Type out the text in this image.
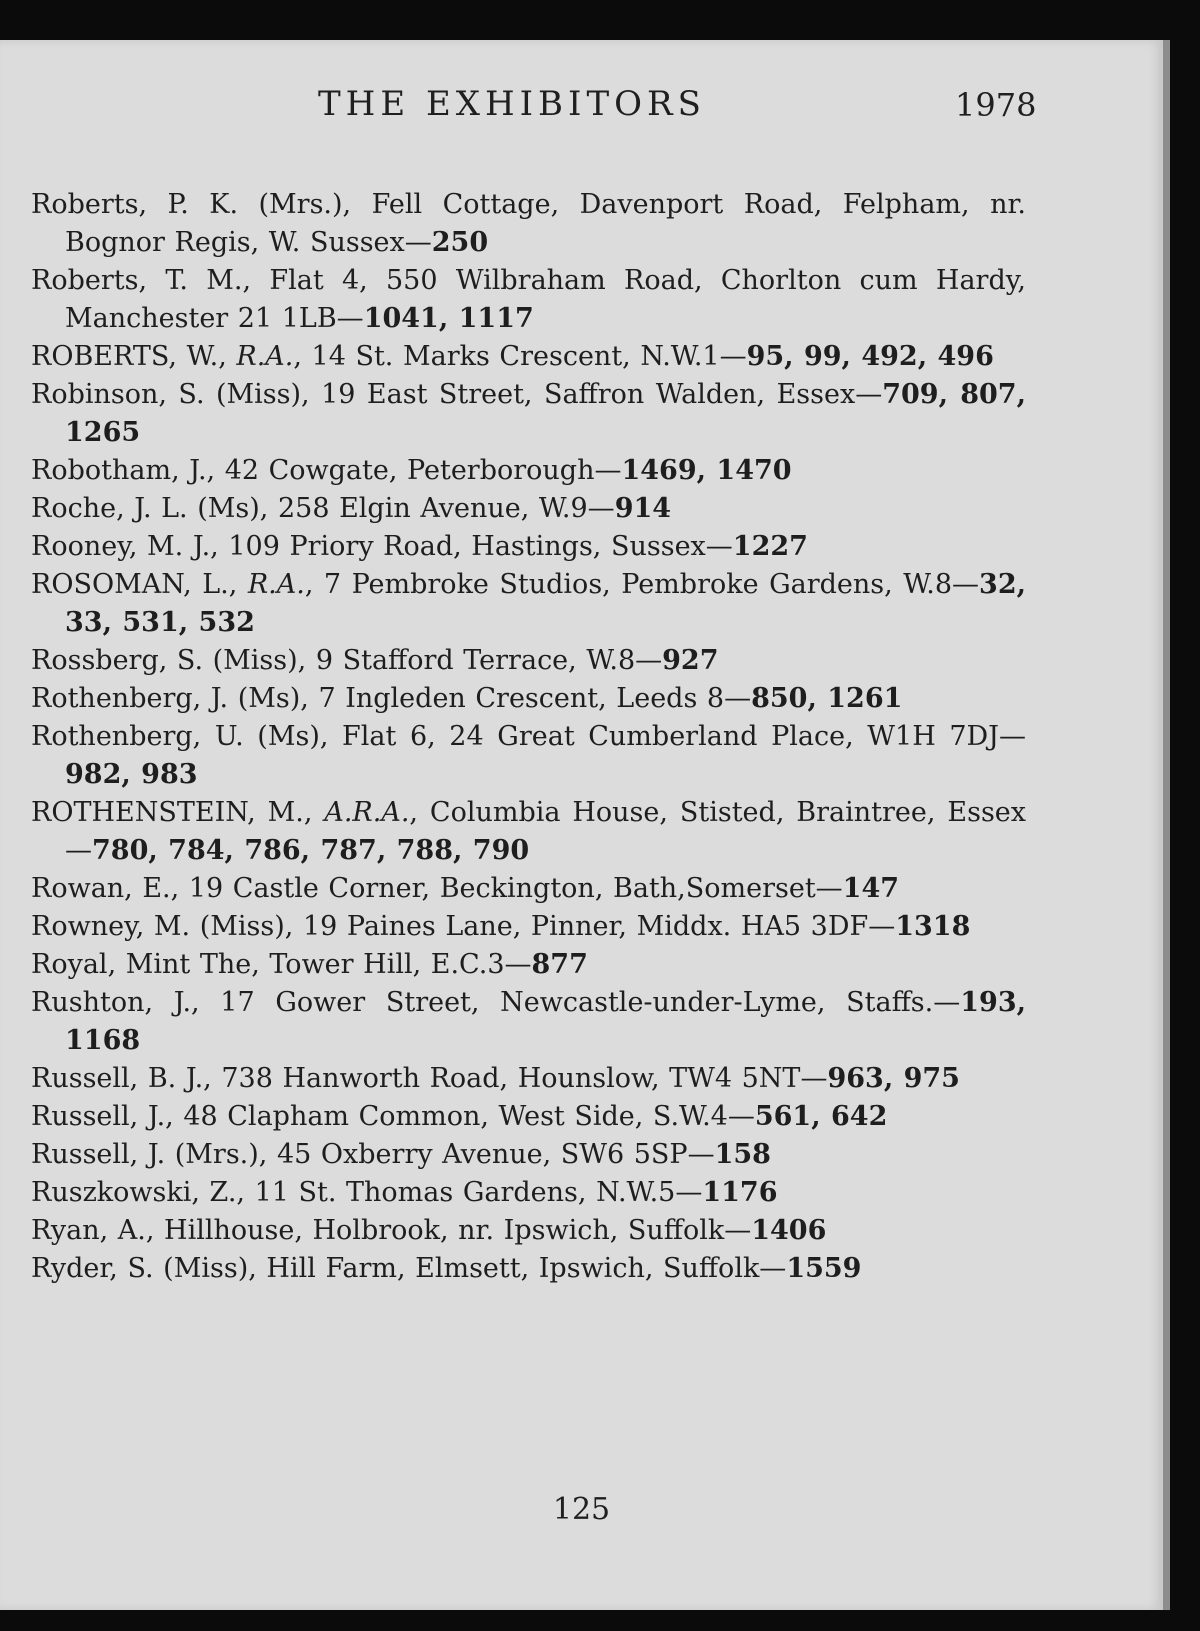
THE EXHIBITORS	1978
Roberts, P. K. (Mrs.), Fell Cottage, Davenport Road, Felpham, nr. Bognor Regis, W. Sussex—250
Roberts, T. M., Flat 4, 550 Wilbraham Road, Chorlton cum Hardy, Manchester 21 1LB—1041, 1117
ROBERTS, W., R.A., 14 St. Marks Crescent, N.W.1—95, 99, 492, 496
Robinson, S. (Miss), 19 East Street, Saffron Walden, Essex—709, 807, 1265
Robotham, J., 42 Cowgate, Peterborough—1469, 1470
Roche, J. L. (Ms), 258 Elgin Avenue, W.9—914
Rooney, M. J., 109 Priory Road, Hastings, Sussex—1227
ROSOMAN, L., R.A., 7 Pembroke Studios, Pembroke Gardens, W.8—32, 33, 531, 532
Rossberg, S. (Miss), 9 Stafford Terrace, W.8—927
Rothenberg, J. (Ms), 7 Ingleden Crescent, Leeds 8—850, 1261
Rothenberg, U. (Ms), Flat 6, 24 Great Cumberland Place, W1H 7DJ—982, 983
ROTHENSTEIN, M., A.R.A., Columbia House, Stisted, Braintree, Essex—780, 784, 786, 787, 788, 790
Rowan, E., 19 Castle Corner, Beckington, Bath,Somerset—147
Rowney, M. (Miss), 19 Paines Lane, Pinner, Middx. HA5 3DF—1318
Royal, Mint The, Tower Hill, E.C.3—877
Rushton, J., 17 Gower Street, Newcastle-under-Lyme, Staffs.—193, 1168
Russell, B. J., 738 Hanworth Road, Hounslow, TW4 5NT—963, 975
Russell, J., 48 Clapham Common, West Side, S.W.4—561, 642
Russell, J. (Mrs.), 45 Oxberry Avenue, SW6 5SP—158
Ruszkowski, Z., 11 St. Thomas Gardens, N.W.5—1176
Ryan, A., Hillhouse, Holbrook, nr. Ipswich, Suffolk—1406
Ryder, S. (Miss), Hill Farm, Elmsett, Ipswich, Suffolk—1559
125
